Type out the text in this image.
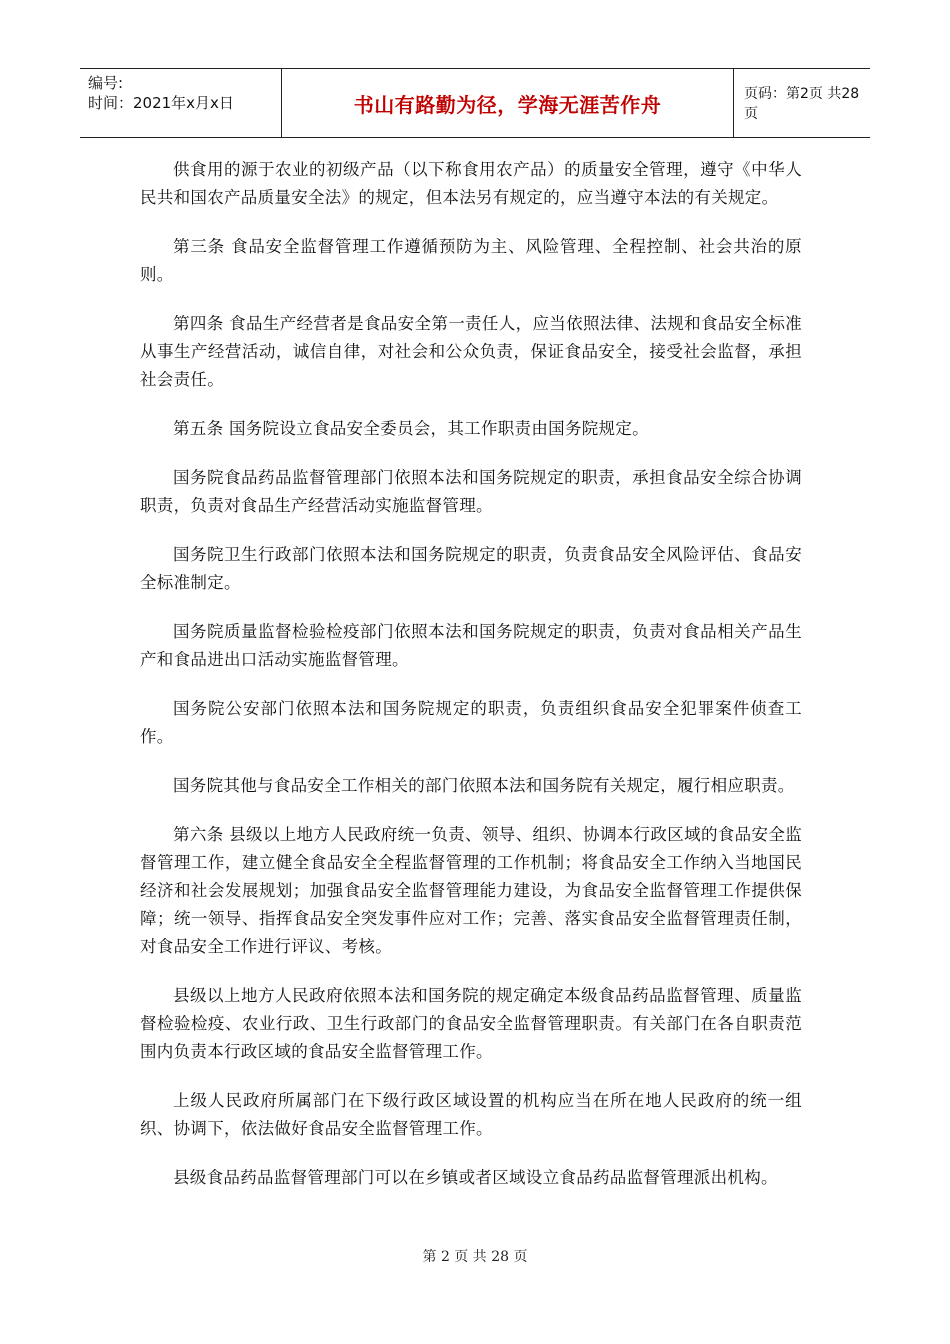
编号:
时间：2021年x月x日	书山有路勤为径，学海无涯苦作舟	页码：第2页 共28页

供食用的源于农业的初级产品（以下称食用农产品）的质量安全管理，遵守《中华人民共和国农产品质量安全法》的规定，但本法另有规定的，应当遵守本法的有关规定。

第三条 食品安全监督管理工作遵循预防为主、风险管理、全程控制、社会共治的原则。

第四条 食品生产经营者是食品安全第一责任人，应当依照法律、法规和食品安全标准从事生产经营活动，诚信自律，对社会和公众负责，保证食品安全，接受社会监督，承担社会责任。

第五条 国务院设立食品安全委员会，其工作职责由国务院规定。

国务院食品药品监督管理部门依照本法和国务院规定的职责，承担食品安全综合协调职责，负责对食品生产经营活动实施监督管理。

国务院卫生行政部门依照本法和国务院规定的职责，负责食品安全风险评估、食品安全标准制定。

国务院质量监督检验检疫部门依照本法和国务院规定的职责，负责对食品相关产品生产和食品进出口活动实施监督管理。

国务院公安部门依照本法和国务院规定的职责，负责组织食品安全犯罪案件侦查工作。

国务院其他与食品安全工作相关的部门依照本法和国务院有关规定，履行相应职责。

第六条 县级以上地方人民政府统一负责、领导、组织、协调本行政区域的食品安全监督管理工作，建立健全食品安全全程监督管理的工作机制；将食品安全工作纳入当地国民经济和社会发展规划；加强食品安全监督管理能力建设，为食品安全监督管理工作提供保障；统一领导、指挥食品安全突发事件应对工作；完善、落实食品安全监督管理责任制，对食品安全工作进行评议、考核。

县级以上地方人民政府依照本法和国务院的规定确定本级食品药品监督管理、质量监督检验检疫、农业行政、卫生行政部门的食品安全监督管理职责。有关部门在各自职责范围内负责本行政区域的食品安全监督管理工作。

上级人民政府所属部门在下级行政区域设置的机构应当在所在地人民政府的统一组织、协调下，依法做好食品安全监督管理工作。

县级食品药品监督管理部门可以在乡镇或者区域设立食品药品监督管理派出机构。

第 2 页 共 28 页
